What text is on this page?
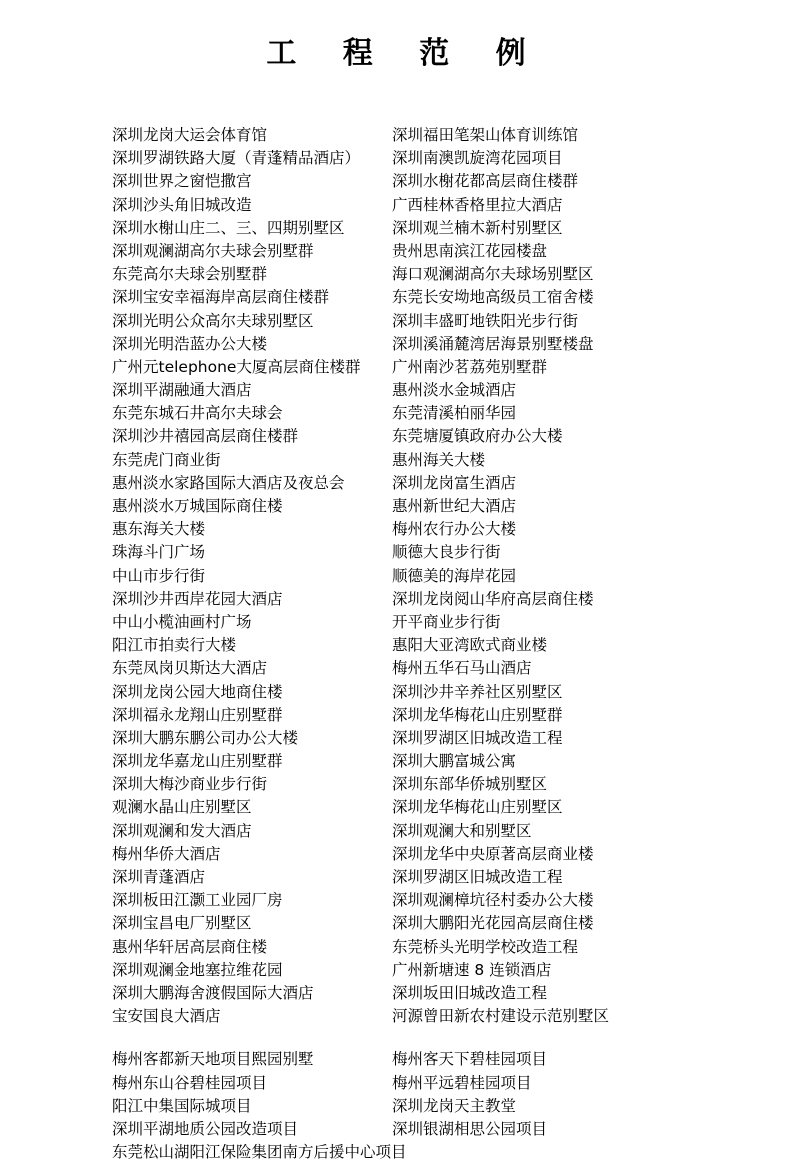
工 程 范 例
深圳龙岗大运会体育馆	深圳福田笔架山体育训练馆
深圳罗湖铁路大厦（青蓬精品酒店）	深圳南澳凯旋湾花园项目
深圳世界之窗恺撒宫	深圳水榭花都高层商住楼群
深圳沙头角旧城改造	广西桂林香格里拉大酒店
深圳水榭山庄二、三、四期别墅区	深圳观兰楠木新村别墅区
深圳观澜湖高尔夫球会别墅群	贵州思南滨江花园楼盘
东莞高尔夫球会别墅群	海口观澜湖高尔夫球场别墅区
深圳宝安幸福海岸高层商住楼群	东莞长安坳地高级员工宿舍楼
深圳光明公众高尔夫球别墅区	深圳丰盛町地铁阳光步行街
深圳光明浩蓝办公大楼	深圳溪涌麓湾居海景别墅楼盘
广州元telephone大厦高层商住楼群	广州南沙茗荔苑别墅群
深圳平湖融通大酒店	惠州淡水金城酒店
东莞东城石井高尔夫球会	东莞清溪柏丽华园
深圳沙井禧园高层商住楼群	东莞塘厦镇政府办公大楼
东莞虎门商业街	惠州海关大楼
惠州淡水家路国际大酒店及夜总会	深圳龙岗富生酒店
惠州淡水万城国际商住楼	惠州新世纪大酒店
惠东海关大楼	梅州农行办公大楼
珠海斗门广场	顺德大良步行街
中山市步行街	顺德美的海岸花园
深圳沙井西岸花园大酒店	深圳龙岗阅山华府高层商住楼
中山小榄油画村广场	开平商业步行街
阳江市拍卖行大楼	惠阳大亚湾欧式商业楼
东莞凤岗贝斯达大酒店	梅州五华石马山酒店
深圳龙岗公园大地商住楼	深圳沙井辛养社区别墅区
深圳福永龙翔山庄别墅群	深圳龙华梅花山庄别墅群
深圳大鹏东鹏公司办公大楼	深圳罗湖区旧城改造工程
深圳龙华嘉龙山庄别墅群	深圳大鹏富城公寓
深圳大梅沙商业步行街	深圳东部华侨城别墅区
观澜水晶山庄别墅区	深圳龙华梅花山庄别墅区
深圳观澜和发大酒店	深圳观澜大和别墅区
梅州华侨大酒店	深圳龙华中央原著高层商业楼
深圳青蓬酒店	深圳罗湖区旧城改造工程
深圳板田江灏工业园厂房	深圳观澜樟坑径村委办公大楼
深圳宝昌电厂别墅区	深圳大鹏阳光花园高层商住楼
惠州华轩居高层商住楼	东莞桥头光明学校改造工程
深圳观澜金地塞拉维花园	广州新塘速 8 连锁酒店
深圳大鹏海舍渡假国际大酒店	深圳坂田旧城改造工程
宝安国良大酒店	河源曾田新农村建设示范别墅区
梅州客都新天地项目熙园别墅	梅州客天下碧桂园项目
梅州东山谷碧桂园项目	梅州平远碧桂园项目
阳江中集国际城项目	深圳龙岗天主教堂
深圳平湖地质公园改造项目	深圳银湖相思公园项目
东莞松山湖阳江保险集团南方后援中心项目
